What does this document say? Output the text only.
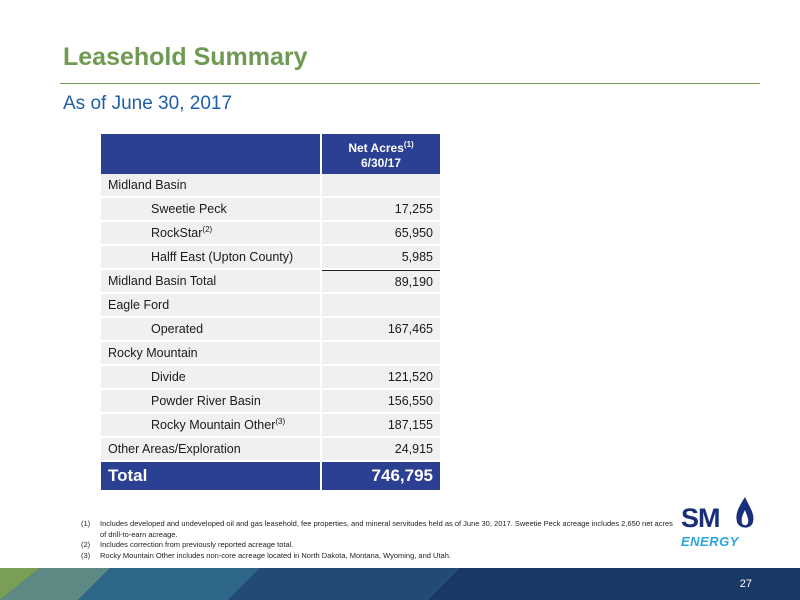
Leasehold Summary
As of June 30, 2017

	Net Acres$^{(1)}$
6/30/17

Midland Basin	
Sweetie Peck	17,255
RockStar$^{(2)}$	65,950
Halff East (Upton County)	5,985
Midland Basin Total	89,190
Eagle Ford	
Operated	167,465
Rocky Mountain	
Divide	121,520
Powder River Basin	156,550
Rocky Mountain Other$^{(3)}$	187,155
Other Areas/Exploration	24,915
Total	746,795
(1)	Includes developed and undeveloped oil and gas leasehold, fee properties, and mineral servitudes held as of June 30, 2017. Sweetie Peck acreage includes 2,650 net acres of drill-to-earn acreage.
(2)	Includes correction from previously reported acreage total.
(3)	Rocky Mountain Other includes non-core acreage located in North Dakota, Montana, Wyoming, and Utah.
SM
ENERGY
27
